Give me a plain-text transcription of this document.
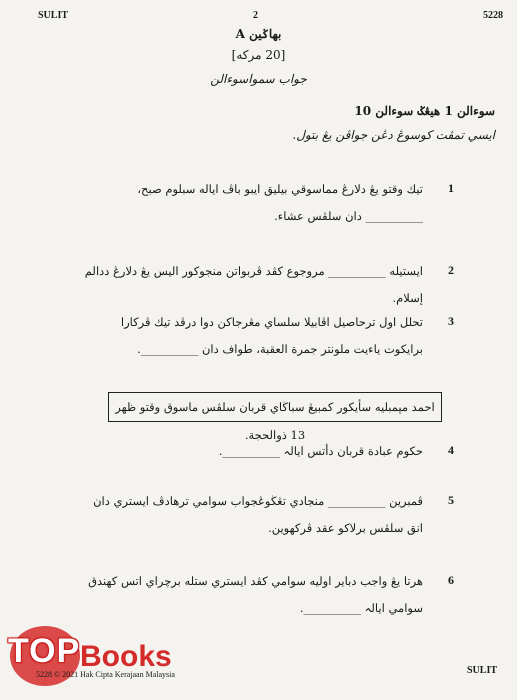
SULIT	2	5228
بهاݢين A
[20 مركه]
جواب سمواسوءالن
سوءالن 1 هيڠݢ سوءالن 10
ايسي تمڤت كوسوڠ دڠن جواڤن يڠ بتول.
1
تيك وقتو يڠ دلارڠ مماسوقي بيليق ايبو باڤ اياله سبلوم صبح، __________ دان سلڤس عشاء.
2
ايستيله __________ مروجوع كڤد ڤربواتن منجوكور اليس يڠ دلارڠ ددالم إسلام.
3
تحلل اول ترحاصيل اڤابيلا سلساي مڠرجاكن دوا درڤد تيك ڤركارا برايكوت ياءيت ملونتر جمرة العقبة، طواف دان __________.
احمد مپمبليه سأيكور كمبيڠ سباڬاي قربان سلڤس ماسوق وقتو ظهر 13 ذوالحجة.
4
حكوم عبادة قربان دأتس ايالہ __________.
5
ڤمبرين __________ منجادي تڠڬوڠجواب سوامي ترهادڤ ايستري دان انق سلڤس برلاكو عقد ڤركهوين.
6
هرتا يڠ واجب دباير اوليه سوامي كڤد ايستري ستله برچراي اتس كهندق سوامي ايالہ __________.
TOP Books
5228 © 2021 Hak Cipta Kerajaan Malaysia	SULIT
